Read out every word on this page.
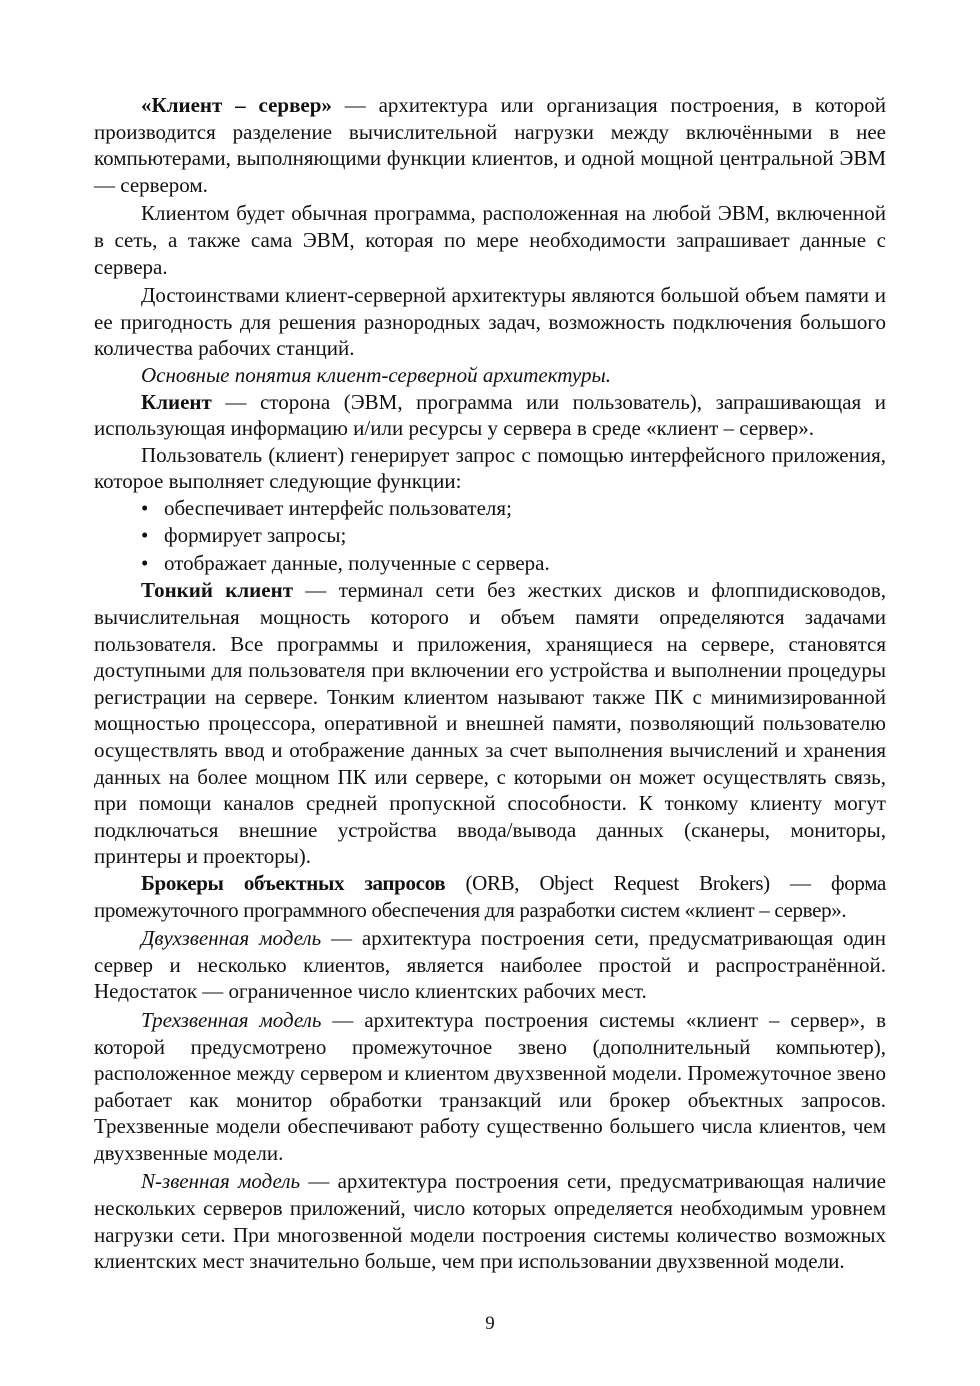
«Клиент – сервер» — архитектура или организация построения, в которой производится разделение вычислительной нагрузки между включёнными в нее компьютерами, выполняющими функции клиентов, и одной мощной центральной ЭВМ — сервером.

Клиентом будет обычная программа, расположенная на любой ЭВМ, включенной в сеть, а также сама ЭВМ, которая по мере необходимости запрашивает данные с сервера.

Достоинствами клиент-серверной архитектуры являются большой объем памяти и ее пригодность для решения разнородных задач, возможность подключения большого количества рабочих станций.

Основные понятия клиент-серверной архитектуры.

Клиент — сторона (ЭВМ, программа или пользователь), запрашивающая и использующая информацию и/или ресурсы у сервера в среде «клиент – сервер».

Пользователь (клиент) генерирует запрос с помощью интерфейсного приложения, которое выполняет следующие функции:

• обеспечивает интерфейс пользователя;
• формирует запросы;
• отображает данные, полученные с сервера.

Тонкий клиент — терминал сети без жестких дисков и флоппидисководов, вычислительная мощность которого и объем памяти определяются задачами пользователя. Все программы и приложения, хранящиеся на сервере, становятся доступными для пользователя при включении его устройства и выполнении процедуры регистрации на сервере. Тонким клиентом называют также ПК с минимизированной мощностью процессора, оперативной и внешней памяти, позволяющий пользователю осуществлять ввод и отображение данных за счет выполнения вычислений и хранения данных на более мощном ПК или сервере, с которыми он может осуществлять связь, при помощи каналов средней пропускной способности. К тонкому клиенту могут подключаться внешние устройства ввода/вывода данных (сканеры, мониторы, принтеры и проекторы).

Брокеры объектных запросов (ORB, Object Request Brokers) — форма промежуточного программного обеспечения для разработки систем «клиент – сервер».

Двухзвенная модель — архитектура построения сети, предусматривающая один сервер и несколько клиентов, является наиболее простой и распространённой. Недостаток — ограниченное число клиентских рабочих мест.

Трехзвенная модель — архитектура построения системы «клиент – сервер», в которой предусмотрено промежуточное звено (дополнительный компьютер), расположенное между сервером и клиентом двухзвенной модели. Промежуточное звено работает как монитор обработки транзакций или брокер объектных запросов. Трехзвенные модели обеспечивают работу существенно большего числа клиентов, чем двухзвенные модели.

N-звенная модель — архитектура построения сети, предусматривающая наличие нескольких серверов приложений, число которых определяется необходимым уровнем нагрузки сети. При многозвенной модели построения системы количество возможных клиентских мест значительно больше, чем при использовании двухзвенной модели.

9
